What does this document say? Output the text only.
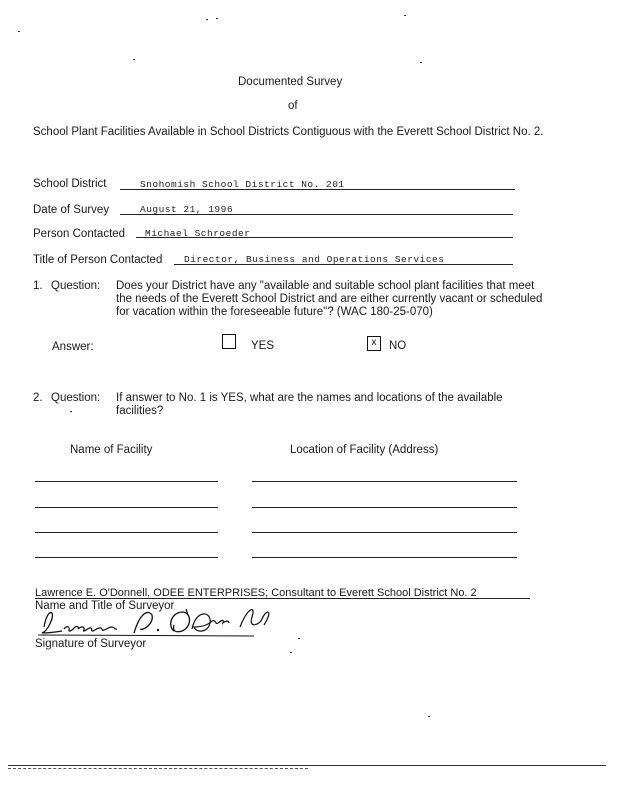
Documented Survey
of
School Plant Facilities Available in School Districts Contiguous with the Everett School District No. 2.
School District	Snohomish School District No. 201
Date of Survey	August 21, 1996
Person Contacted Michael Schroeder
Title of Person Contacted Director, Business and Operations Services
1. Question: Does your District have any "available and suitable school plant facilities that meet the needs of the Everett School District and are either currently vacant or scheduled for vacation within the foreseeable future"? (WAC 180-25-070)
Answer:	YES	x	NO
2. Question: If answer to No. 1 is YES, what are the names and locations of the available facilities?
Name of Facility	Location of Facility (Address)
Lawrence E. O'Donnell, ODEE ENTERPRISES; Consultant to Everett School District No. 2
Name and Title of Surveyor
Signature of Surveyor
